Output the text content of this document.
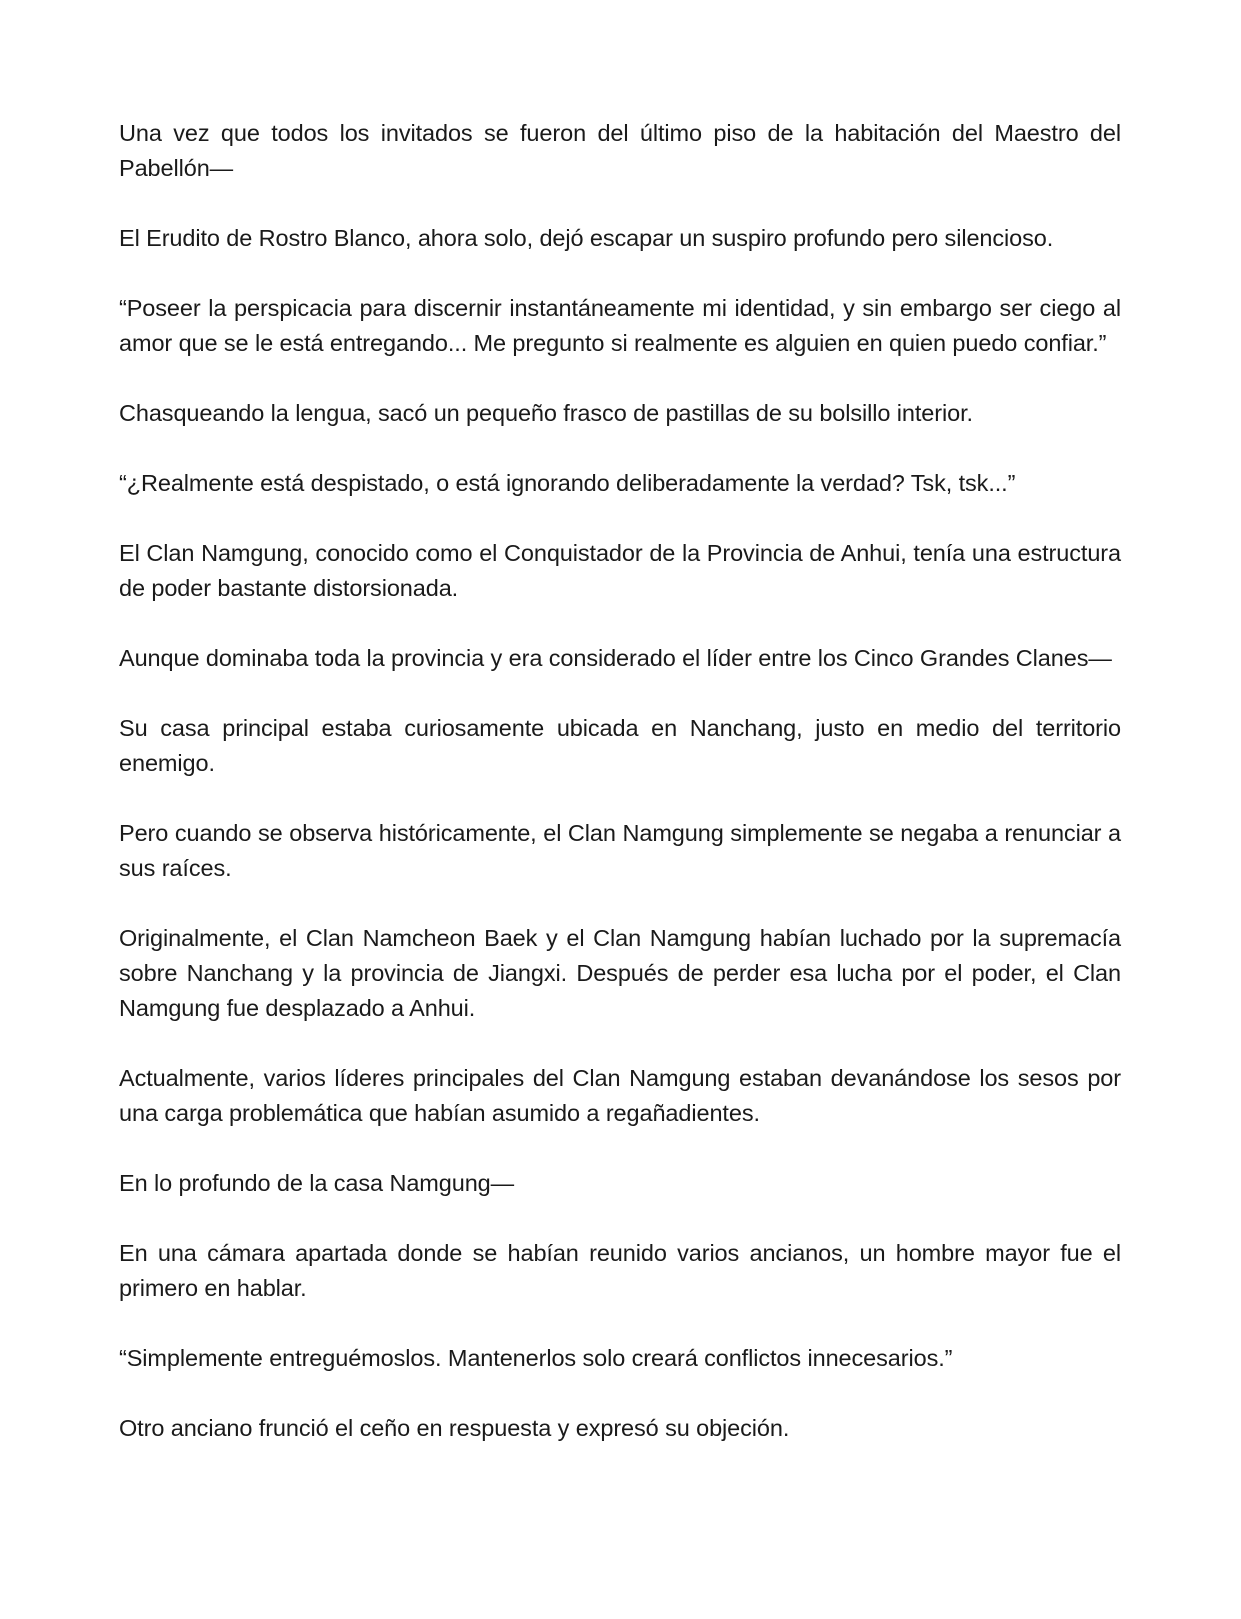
Una vez que todos los invitados se fueron del último piso de la habitación del Maestro del Pabellón—

El Erudito de Rostro Blanco, ahora solo, dejó escapar un suspiro profundo pero silencioso.

“Poseer la perspicacia para discernir instantáneamente mi identidad, y sin embargo ser ciego al amor que se le está entregando... Me pregunto si realmente es alguien en quien puedo confiar.”

Chasqueando la lengua, sacó un pequeño frasco de pastillas de su bolsillo interior.

“¿Realmente está despistado, o está ignorando deliberadamente la verdad? Tsk, tsk...”

El Clan Namgung, conocido como el Conquistador de la Provincia de Anhui, tenía una estructura de poder bastante distorsionada.

Aunque dominaba toda la provincia y era considerado el líder entre los Cinco Grandes Clanes—

Su casa principal estaba curiosamente ubicada en Nanchang, justo en medio del territorio enemigo.

Pero cuando se observa históricamente, el Clan Namgung simplemente se negaba a renunciar a sus raíces.

Originalmente, el Clan Namcheon Baek y el Clan Namgung habían luchado por la supremacía sobre Nanchang y la provincia de Jiangxi. Después de perder esa lucha por el poder, el Clan Namgung fue desplazado a Anhui.

Actualmente, varios líderes principales del Clan Namgung estaban devanándose los sesos por una carga problemática que habían asumido a regañadientes.

En lo profundo de la casa Namgung—

En una cámara apartada donde se habían reunido varios ancianos, un hombre mayor fue el primero en hablar.

“Simplemente entreguémoslos. Mantenerlos solo creará conflictos innecesarios.”

Otro anciano frunció el ceño en respuesta y expresó su objeción.
